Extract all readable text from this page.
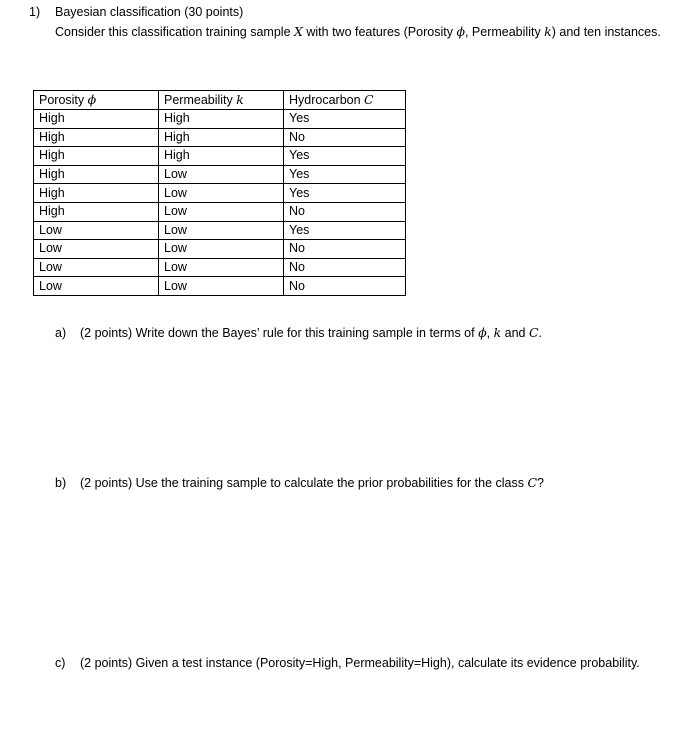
1) Bayesian classification (30 points)
Consider this classification training sample X with two features (Porosity ϕ, Permeability k) and ten instances.
Porosity ϕ	Permeability k	Hydrocarbon C
High	High	Yes
High	High	No
High	High	Yes
High	Low	Yes
High	Low	Yes
High	Low	No
Low	Low	Yes
Low	Low	No
Low	Low	No
Low	Low	No
a)	(2 points) Write down the Bayes’ rule for this training sample in terms of ϕ, k and C.
b)	(2 points) Use the training sample to calculate the prior probabilities for the class C?
c)	(2 points) Given a test instance (Porosity=High, Permeability=High), calculate its evidence probability.
